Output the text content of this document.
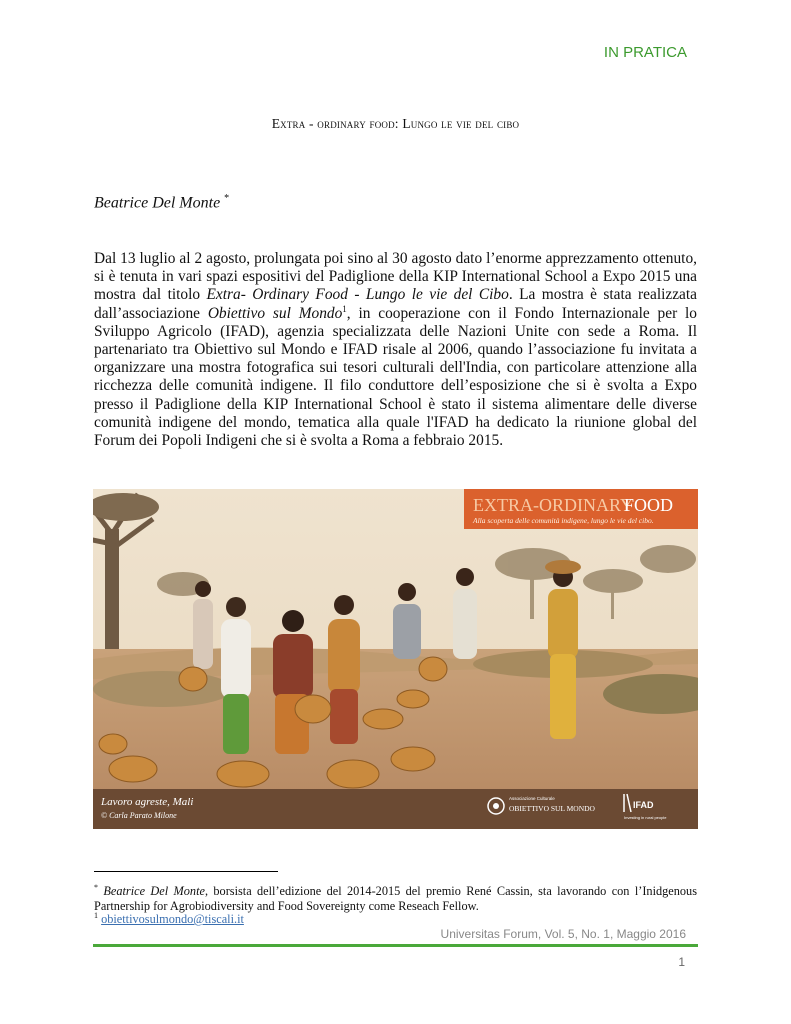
IN PRATICA
Extra - ordinary food: Lungo le vie del cibo
Beatrice Del Monte *
Dal 13 luglio al 2 agosto, prolungata poi sino al 30 agosto dato l’enorme apprezzamento ottenuto, si è tenuta in vari spazi espositivi del Padiglione della KIP International School a Expo 2015 una mostra dal titolo Extra- Ordinary Food - Lungo le vie del Cibo. La mostra è stata realizzata dall’associazione Obiettivo sul Mondo$^1$, in cooperazione con il Fondo Internazionale per lo Sviluppo Agricolo (IFAD), agenzia specializzata delle Nazioni Unite con sede a Roma. Il partenariato tra Obiettivo sul Mondo e IFAD risale al 2006, quando l’associazione fu invitata a organizzare una mostra fotografica sui tesori culturali dell'India, con particolare attenzione alla ricchezza delle comunità indigene. Il filo conduttore dell’esposizione che si è svolta a Expo presso il Padiglione della KIP International School è stato il sistema alimentare delle diverse comunità indigene del mondo, tematica alla quale l'IFAD ha dedicato la riunione global del Forum dei Popoli Indigeni che si è svolta a Roma a febbraio 2015.
EXTRA-ORDINARY
FOOD
Alla scoperta delle comunità indigene, lungo le vie del cibo.
Lavoro agreste, Mali
© Carla Parato Milone
Associazione Culturale
OBIETTIVO SUL MONDO	IFAD
Investing in rural people
* Beatrice Del Monte, borsista dell’edizione del 2014-2015 del premio René Cassin, sta lavorando con l’Inidgenous Partnership for Agrobiodiversity and Food Sovereignty come Reseach Fellow.
$^1$ obiettivosulmondo@tiscali.it
Universitas Forum, Vol. 5, No. 1, Maggio 2016
1
